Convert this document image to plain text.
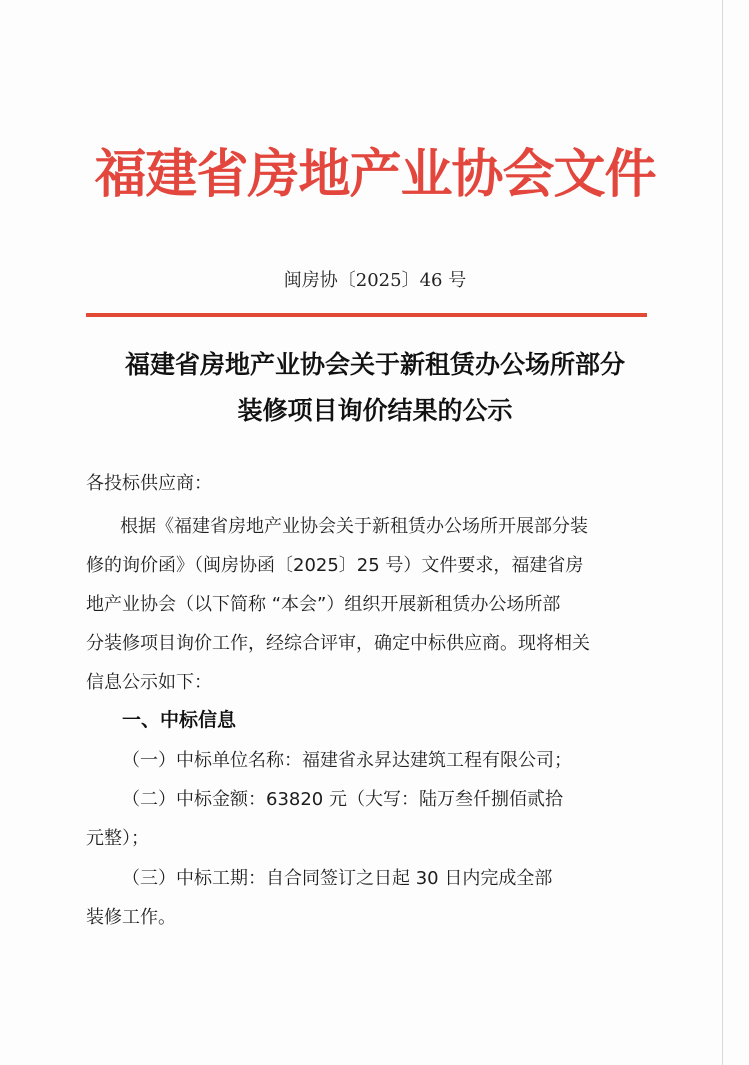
福建省房地产业协会文件
闽房协〔2025〕46 号
福建省房地产业协会关于新租赁办公场所部分
装修项目询价结果的公示
各投标供应商：
根据《福建省房地产业协会关于新租赁办公场所开展部分装
修的询价函》（闽房协函〔2025〕25 号）文件要求，福建省房
地产业协会（以下简称 “本会”）组织开展新租赁办公场所部
分装修项目询价工作，经综合评审，确定中标供应商。现将相关
信息公示如下：
一、中标信息
（一）中标单位名称：福建省永昇达建筑工程有限公司；
（二）中标金额：63820 元（大写：陆万叁仟捌佰贰拾
元整）；
（三）中标工期：自合同签订之日起 30 日内完成全部
装修工作。
